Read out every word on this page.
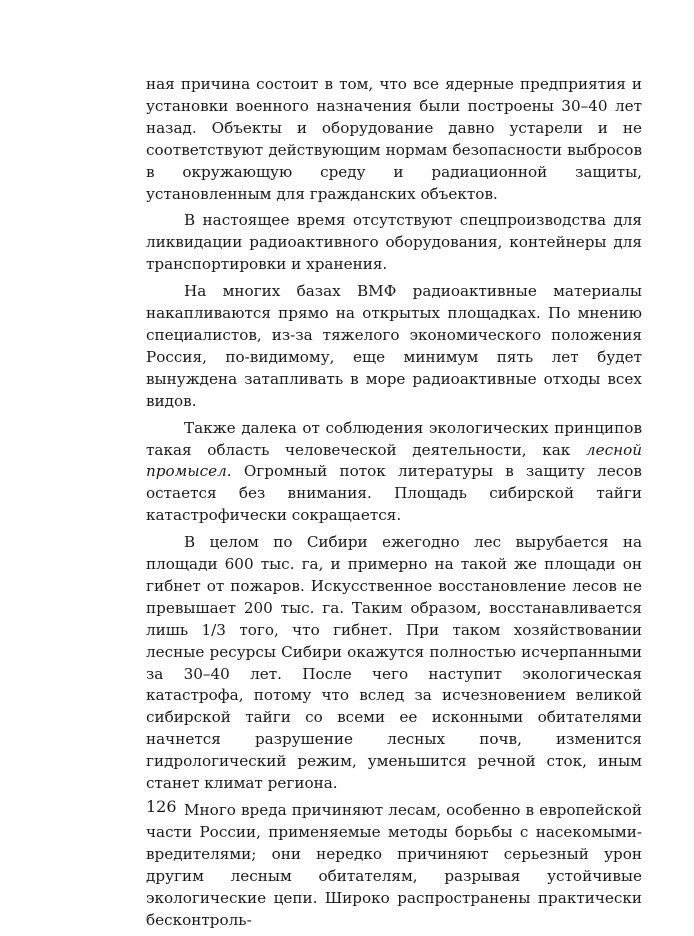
ная причина состоит в том, что все ядерные предприятия и установки военного назначения были построены 30–40 лет назад. Объекты и оборудование давно устарели и не соответствуют действующим нормам безопасности выбросов в окружающую среду и радиационной защиты, установленным для гражданских объектов.

В настоящее время отсутствуют спецпроизводства для ликвидации радиоактивного оборудования, контейнеры для транспортировки и хранения.

На многих базах ВМФ радиоактивные материалы накапливаются прямо на открытых площадках. По мнению специалистов, из-за тяжелого экономического положения Россия, по-видимому, еще минимум пять лет будет вынуждена затапливать в море радиоактивные отходы всех видов.

Также далека от соблюдения экологических принципов такая область человеческой деятельности, как лесной промысел. Огромный поток литературы в защиту лесов остается без внимания. Площадь сибирской тайги катастрофически сокращается.

В целом по Сибири ежегодно лес вырубается на площади 600 тыс. га, и примерно на такой же площади он гибнет от пожаров. Искусственное восстановление лесов не превышает 200 тыс. га. Таким образом, восстанавливается лишь 1/3 того, что гибнет. При таком хозяйствовании лесные ресурсы Сибири окажутся полностью исчерпанными за 30–40 лет. После чего наступит экологическая катастрофа, потому что вслед за исчезновением великой сибирской тайги со всеми ее исконными обитателями начнется разрушение лесных почв, изменится гидрологический режим, уменьшится речной сток, иным станет климат региона.

Много вреда причиняют лесам, особенно в европейской части России, применяемые методы борьбы с насекомыми-вредителями; они нередко причиняют серьезный урон другим лесным обитателям, разрывая устойчивые экологические цепи. Широко распространены практически бесконтроль-

126
